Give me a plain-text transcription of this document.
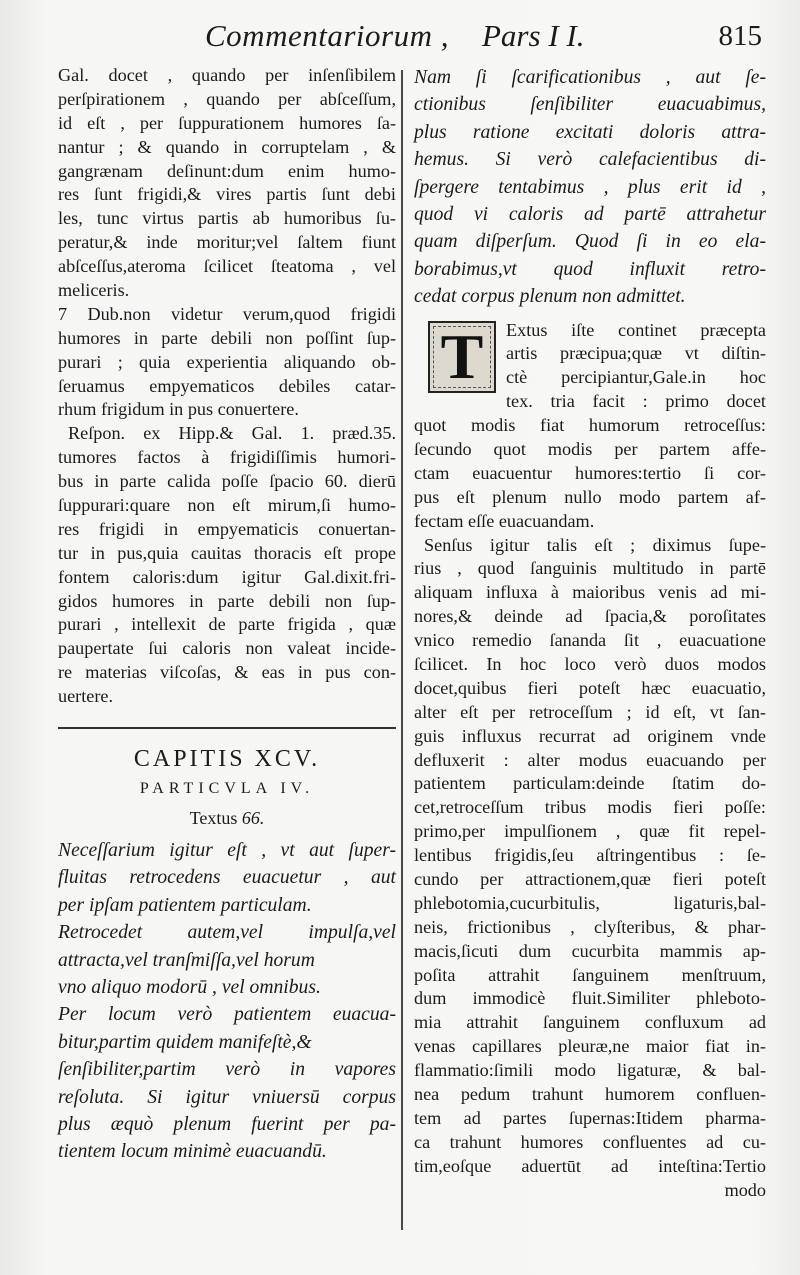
Commentariorum , Pars I I.	815
Gal. docet , quando per inſenſibilem
perſpirationem , quando per abſceſſum,
id eſt , per ſuppurationem humores ſa-
nantur ; & quando in corruptelam , &
gangrænam deſinunt:dum enim humo-
res ſunt frigidi,& vires partis ſunt debi
les, tunc virtus partis ab humoribus ſu-
peratur,& inde moritur;vel ſaltem fiunt
abſceſſus,ateroma ſcilicet ſteatoma , vel
meliceris.
7 Dub.non videtur verum,quod frigidi
humores in parte debili non poſſint ſup-
purari ; quia experientia aliquando ob-
ſeruamus empyematicos debiles catar-
rhum frigidum in pus conuertere.
Reſpon. ex Hipp.& Gal. 1. præd.35.
tumores factos à frigidiſſimis humori-
bus in parte calida poſſe ſpacio 60. dierū
ſuppurari:quare non eſt mirum,ſi humo-
res frigidi in empyematicis conuertan-
tur in pus,quia cauitas thoracis eſt prope
fontem caloris:dum igitur Gal.dixit.fri-
gidos humores in parte debili non ſup-
purari , intellexit de parte frigida , quæ
paupertate ſui caloris non valeat incide-
re materias viſcoſas, & eas in pus con-
uertere.
CAPITIS XCV.
PARTICVLA IV.
Textus 66.
Neceſſarium igitur eſt , vt aut ſuper-
fluitas retrocedens euacuetur , aut
per ipſam patientem particulam.
Retrocedet autem,vel impulſa,vel
attracta,vel tranſmiſſa,vel horum
vno aliquo modorū , vel omnibus.
Per locum verò patientem euacua-
bitur,partim quidem manifeſtè,&
ſenſibiliter,partim verò in vapores
reſoluta. Si igitur vniuersū corpus
plus æquò plenum fuerint per pa-
tientem locum minimè euacuandū.
Nam ſi ſcarificationibus , aut ſe-
ctionibus ſenſibiliter euacuabimus,
plus ratione excitati doloris attra-
hemus. Si verò calefacientibus di-
ſpergere tentabimus , plus erit id ,
quod vi caloris ad partē attrahetur
quam diſperſum. Quod ſi in eo ela-
borabimus,vt quod influxit retro-
cedat corpus plenum non admittet.
T Extus iſte continet præcepta
artis præcipua;quæ vt diſtin-
ctè percipiantur,Gale.in hoc
tex. tria facit : primo docet
quot modis fiat humorum retroceſſus:
ſecundo quot modis per partem affe-
ctam euacuentur humores:tertio ſi cor-
pus eſt plenum nullo modo partem af-
fectam eſſe euacuandam.
Senſus igitur talis eſt ; diximus ſupe-
rius , quod ſanguinis multitudo in partē
aliquam influxa à maioribus venis ad mi-
nores,& deinde ad ſpacia,& poroſitates
vnico remedio ſananda ſit , euacuatione
ſcilicet. In hoc loco verò duos modos
docet,quibus fieri poteſt hæc euacuatio,
alter eſt per retroceſſum ; id eſt, vt ſan-
guis influxus recurrat ad originem vnde
defluxerit : alter modus euacuando per
patientem particulam:deinde ſtatim do-
cet,retroceſſum tribus modis fieri poſſe:
primo,per impulſionem , quæ fit repel-
lentibus frigidis,ſeu aſtringentibus : ſe-
cundo per attractionem,quæ fieri poteſt
phlebotomia,cucurbitulis, ligaturis,bal-
neis, frictionibus , clyſteribus, & phar-
macis,ſicuti dum cucurbita mammis ap-
poſita attrahit ſanguinem menſtruum,
dum immodicè fluit.Similiter phleboto-
mia attrahit ſanguinem confluxum ad
venas capillares pleuræ,ne maior fiat in-
flammatio:ſimili modo ligaturæ, & bal-
nea pedum trahunt humorem confluen-
tem ad partes ſupernas:Itidem pharma-
ca trahunt humores confluentes ad cu-
tim,eoſque aduertūt ad inteſtina:Tertio
modo
